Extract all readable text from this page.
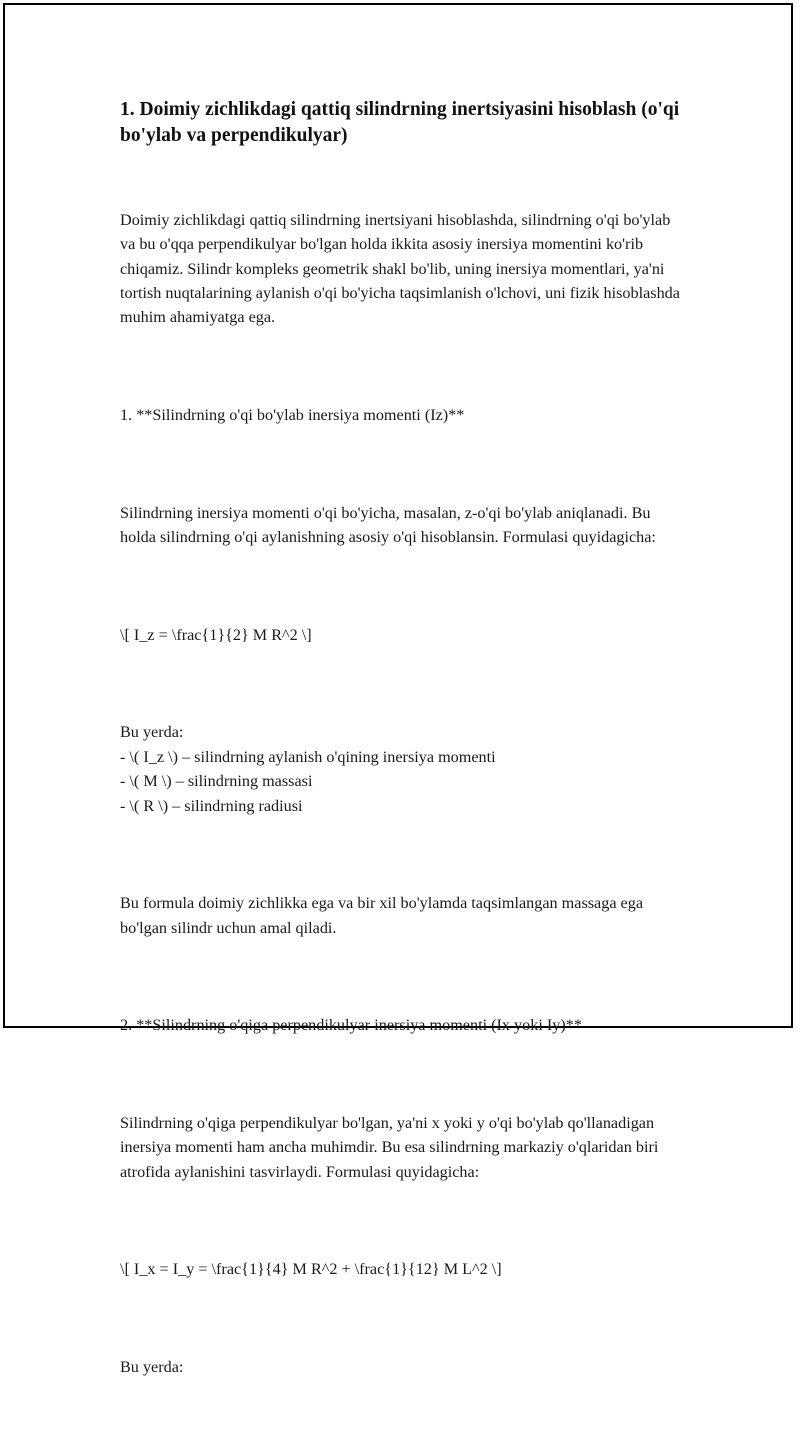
1. Doimiy zichlikdagi qattiq silindrning inertsiyasini hisoblash (o'qi bo'ylab va perpendikulyar)

Doimiy zichlikdagi qattiq silindrning inertsiyani hisoblashda, silindrning o'qi bo'ylab va bu o'qqa perpendikulyar bo'lgan holda ikkita asosiy inersiya momentini ko'rib chiqamiz. Silindr kompleks geometrik shakl bo'lib, uning inersiya momentlari, ya'ni tortish nuqtalarining aylanish o'qi bo'yicha taqsimlanish o'lchovi, uni fizik hisoblashda muhim ahamiyatga ega.

1. **Silindrning o'qi bo'ylab inersiya momenti (Iz)**

Silindrning inersiya momenti o'qi bo'yicha, masalan, z-o'qi bo'ylab aniqlanadi. Bu holda silindrning o'qi aylanishning asosiy o'qi hisoblansin. Formulasi quyidagicha:

\[ I_z = \frac{1}{2} M R^2 \]

Bu yerda:
- \( I_z \) – silindrning aylanish o'qining inersiya momenti
- \( M \) – silindrning massasi
- \( R \) – silindrning radiusi

Bu formula doimiy zichlikka ega va bir xil bo'ylamda taqsimlangan massaga ega bo'lgan silindr uchun amal qiladi.

2. **Silindrning o'qiga perpendikulyar inersiya momenti (Ix yoki Iy)**

Silindrning o'qiga perpendikulyar bo'lgan, ya'ni x yoki y o'qi bo'ylab qo'llanadigan inersiya momenti ham ancha muhimdir. Bu esa silindrning markaziy o'qlaridan biri atrofida aylanishini tasvirlaydi. Formulasi quyidagicha:

\[ I_x = I_y = \frac{1}{4} M R^2 + \frac{1}{12} M L^2 \]

Bu yerda:
